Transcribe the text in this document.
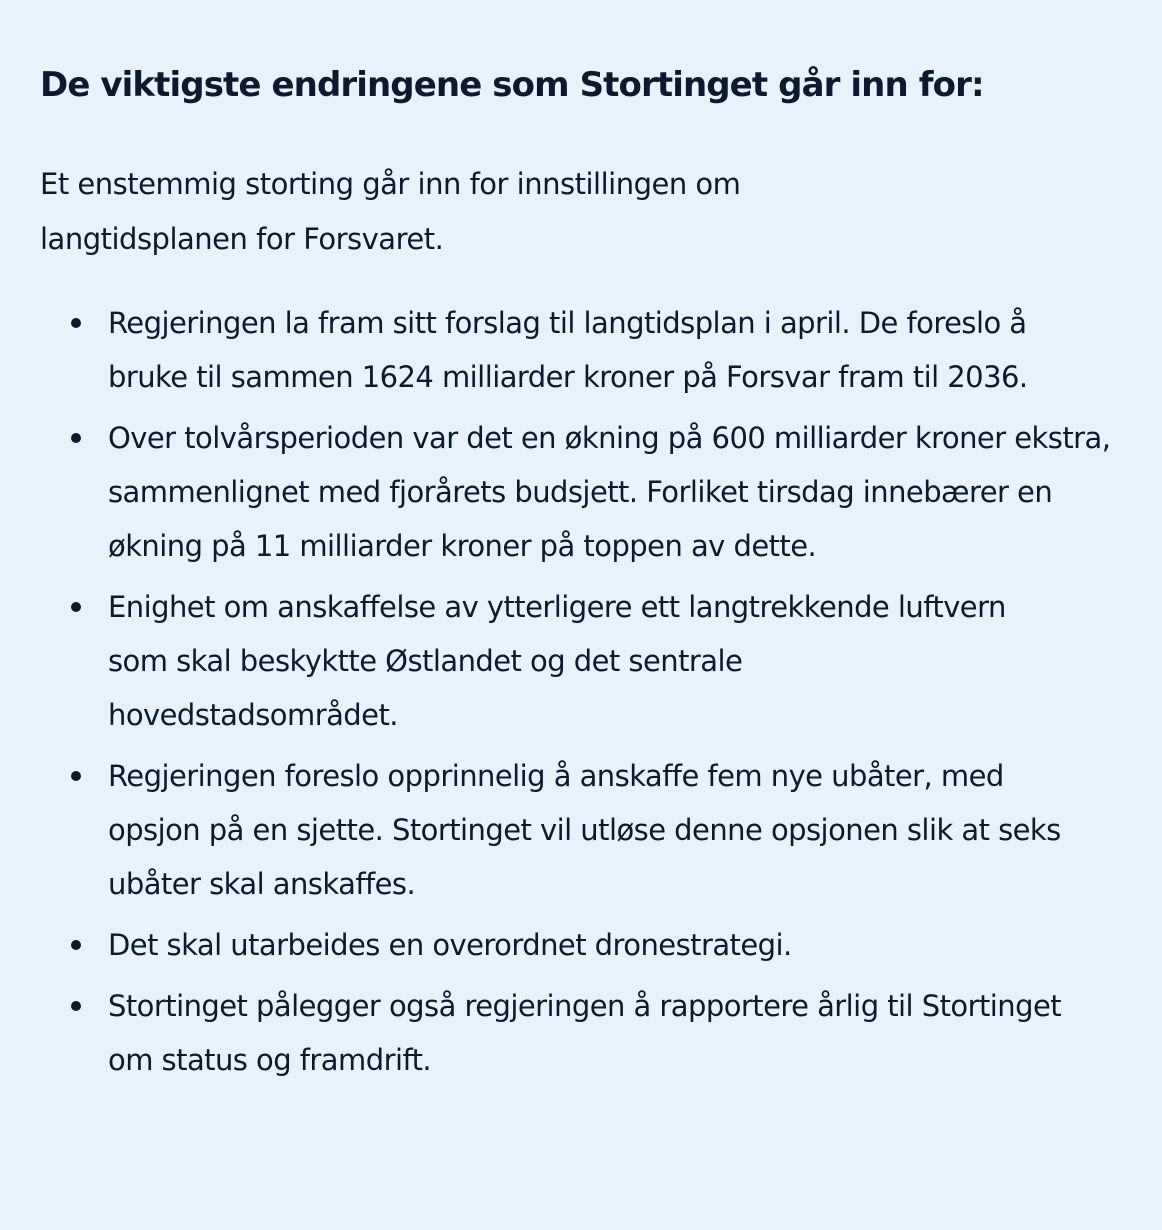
De viktigste endringene som Stortinget går inn for:

Et enstemmig storting går inn for innstillingen om langtidsplanen for Forsvaret.

Regjeringen la fram sitt forslag til langtidsplan i april. De foreslo å bruke til sammen 1624 milliarder kroner på Forsvar fram til 2036.
Over tolvårsperioden var det en økning på 600 milliarder kroner ekstra, sammenlignet med fjorårets budsjett. Forliket tirsdag innebærer en økning på 11 milliarder kroner på toppen av dette.
Enighet om anskaffelse av ytterligere ett langtrekkende luftvern som skal beskyktte Østlandet og det sentrale hovedstadsområdet.
Regjeringen foreslo opprinnelig å anskaffe fem nye ubåter, med opsjon på en sjette. Stortinget vil utløse denne opsjonen slik at seks ubåter skal anskaffes.
Det skal utarbeides en overordnet dronestrategi.
Stortinget pålegger også regjeringen å rapportere årlig til Stortinget om status og framdrift.
